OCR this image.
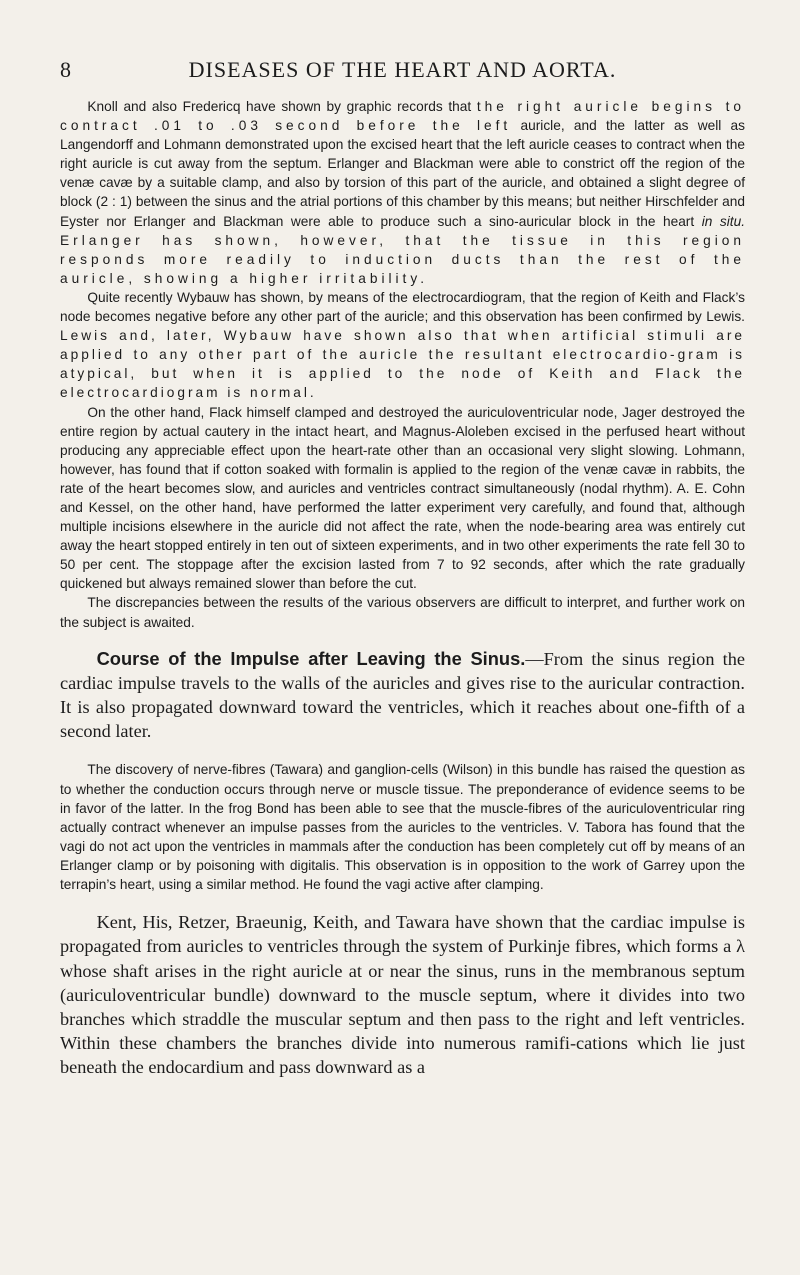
8	DISEASES OF THE HEART AND AORTA.

Knoll and also Fredericq have shown by graphic records that the right auricle begins to contract .01 to .03 second before the left auricle, and the latter as well as Langendorff and Lohmann demonstrated upon the excised heart that the left auricle ceases to contract when the right auricle is cut away from the septum. Erlanger and Blackman were able to constrict off the region of the venæ cavæ by a suitable clamp, and also by torsion of this part of the auricle, and obtained a slight degree of block (2 : 1) between the sinus and the atrial portions of this chamber by this means; but neither Hirschfelder and Eyster nor Erlanger and Blackman were able to produce such a sino-auricular block in the heart in situ. Erlanger has shown, however, that the tissue in this region responds more readily to induction ducts than the rest of the auricle, showing a higher irritability.

Quite recently Wybauw has shown, by means of the electrocardiogram, that the region of Keith and Flack’s node becomes negative before any other part of the auricle; and this observation has been confirmed by Lewis. Lewis and, later, Wybauw have shown also that when artificial stimuli are applied to any other part of the auricle the resultant electrocardio-gram is atypical, but when it is applied to the node of Keith and Flack the electrocardiogram is normal.

On the other hand, Flack himself clamped and destroyed the auriculoventricular node, Jager destroyed the entire region by actual cautery in the intact heart, and Magnus-Aloleben excised in the perfused heart without producing any appreciable effect upon the heart-rate other than an occasional very slight slowing. Lohmann, however, has found that if cotton soaked with formalin is applied to the region of the venæ cavæ in rabbits, the rate of the heart becomes slow, and auricles and ventricles contract simultaneously (nodal rhythm). A. E. Cohn and Kessel, on the other hand, have performed the latter experiment very carefully, and found that, although multiple incisions elsewhere in the auricle did not affect the rate, when the node-bearing area was entirely cut away the heart stopped entirely in ten out of sixteen experiments, and in two other experiments the rate fell 30 to 50 per cent. The stoppage after the excision lasted from 7 to 92 seconds, after which the rate gradually quickened but always remained slower than before the cut.

The discrepancies between the results of the various observers are difficult to interpret, and further work on the subject is awaited.

Course of the Impulse after Leaving the Sinus.—From the sinus region the cardiac impulse travels to the walls of the auricles and gives rise to the auricular contraction. It is also propagated downward toward the ventricles, which it reaches about one-fifth of a second later.

The discovery of nerve-fibres (Tawara) and ganglion-cells (Wilson) in this bundle has raised the question as to whether the conduction occurs through nerve or muscle tissue. The preponderance of evidence seems to be in favor of the latter. In the frog Bond has been able to see that the muscle-fibres of the auriculoventricular ring actually contract whenever an impulse passes from the auricles to the ventricles. V. Tabora has found that the vagi do not act upon the ventricles in mammals after the conduction has been completely cut off by means of an Erlanger clamp or by poisoning with digitalis. This observation is in opposition to the work of Garrey upon the terrapin’s heart, using a similar method. He found the vagi active after clamping.

Kent, His, Retzer, Braeunig, Keith, and Tawara have shown that the cardiac impulse is propagated from auricles to ventricles through the system of Purkinje fibres, which forms a λ whose shaft arises in the right auricle at or near the sinus, runs in the membranous septum (auriculoventricular bundle) downward to the muscle septum, where it divides into two branches which straddle the muscular septum and then pass to the right and left ventricles. Within these chambers the branches divide into numerous ramifi-cations which lie just beneath the endocardium and pass downward as a
